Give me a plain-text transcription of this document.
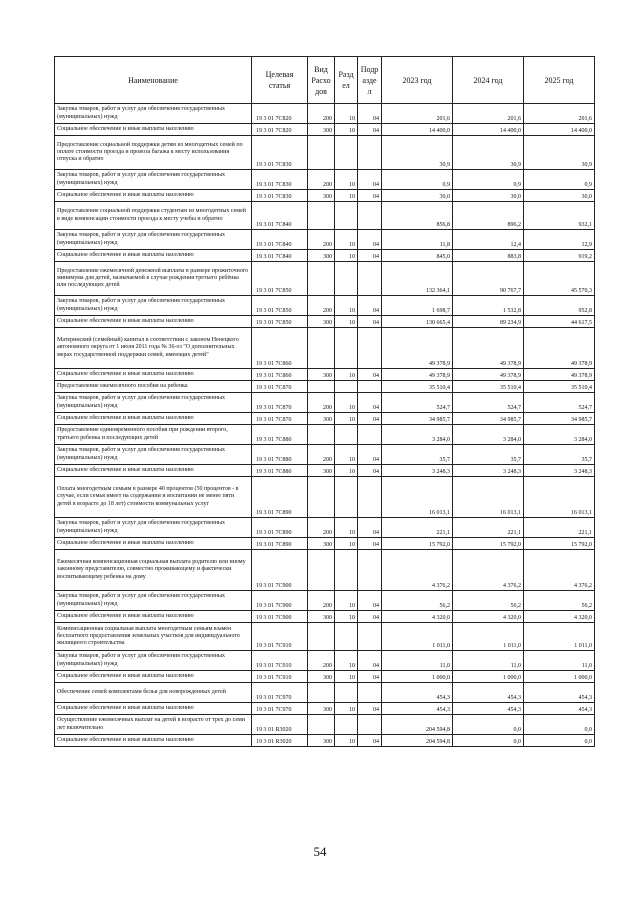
Наименование	Целевая статья	Вид Расхо дов	Разд ел	Подр азде л	2023 год	2024 год	2025 год
Закупка товаров, работ и услуг для обеспечения государственных (муниципальных) нужд	19 3 01 7С820	200	10	04	201,6	201,6	201,6
Социальное обеспечение и иные выплаты населению	19 3 01 7С820	300	10	04	14 400,0	14 400,0	14 400,0
Предоставление социальной поддержки детям из многодетных семей по оплате стоимости проезда и провоза багажа к месту использования отпуска и обратно	19 3 01 7С830				30,9	30,9	30,9
Закупка товаров, работ и услуг для обеспечения государственных (муниципальных) нужд	19 3 01 7С830	200	10	04	0,9	0,9	0,9
Социальное обеспечение и иные выплаты населению	19 3 01 7С830	300	10	04	30,0	30,0	30,0
Предоставление социальной поддержки студентам из многодетных семей в виде компенсации стоимости проезда к месту учебы и обратно	19 3 01 7С840				856,8	896,2	932,1
Закупка товаров, работ и услуг для обеспечения государственных (муниципальных) нужд	19 3 01 7С840	200	10	04	11,8	12,4	12,9
Социальное обеспечение и иные выплаты населению	19 3 01 7С840	300	10	04	845,0	883,8	919,2
Предоставление ежемесячной денежной выплаты в размере прожиточного минимума для детей, назначаемой в случае рождения третьего ребёнка или последующих детей	19 3 01 7С850				132 364,1	90 767,7	45 570,3
Закупка товаров, работ и услуг для обеспечения государственных (муниципальных) нужд	19 3 01 7С850	200	10	04	1 698,7	1 532,8	952,8
Социальное обеспечение и иные выплаты населению	19 3 01 7С850	300	10	04	130 665,4	89 234,9	44 617,5
Материнский (семейный) капитал в соответствии с законом Ненецкого автономного округа от 1 июля 2011 года № 36-оз "О дополнительных мерах государственной поддержки семей, имеющих детей"	19 3 01 7С860				49 378,9	49 378,9	49 378,9
Социальное обеспечение и иные выплаты населению	19 3 01 7С860	300	10	04	49 378,9	49 378,9	49 378,9
Предоставление ежемесячного пособия на ребенка	19 3 01 7С870				35 510,4	35 510,4	35 510,4
Закупка товаров, работ и услуг для обеспечения государственных (муниципальных) нужд	19 3 01 7С870	200	10	04	524,7	524,7	524,7
Социальное обеспечение и иные выплаты населению	19 3 01 7С870	300	10	04	34 985,7	34 985,7	34 985,7
Предоставление единовременного пособия при рождении второго, третьего ребенка и последующих детей	19 3 01 7С880				3 284,0	3 284,0	3 284,0
Закупка товаров, работ и услуг для обеспечения государственных (муниципальных) нужд	19 3 01 7С880	200	10	04	35,7	35,7	35,7
Социальное обеспечение и иные выплаты населению	19 3 01 7С880	300	10	04	3 248,3	3 248,3	3 248,3
Оплата многодетным семьям в размере 40 процентов (50 процентов - в случае, если семья имеет на содержании и воспитании не менее пяти детей в возрасте до 18 лет) стоимости коммунальных услуг	19 3 01 7С890				16 013,1	16 013,1	16 013,1
Закупка товаров, работ и услуг для обеспечения государственных (муниципальных) нужд	19 3 01 7С890	200	10	04	221,1	221,1	221,1
Социальное обеспечение и иные выплаты населению	19 3 01 7С890	300	10	04	15 792,0	15 792,0	15 792,0
Ежемесячная компенсационная социальная выплата родителю или иному законному представителю, совместно проживающему и фактически воспитывающему ребенка на дому	19 3 01 7С900				4 376,2	4 376,2	4 376,2
Закупка товаров, работ и услуг для обеспечения государственных (муниципальных) нужд	19 3 01 7С900	200	10	04	56,2	56,2	56,2
Социальное обеспечение и иные выплаты населению	19 3 01 7С900	300	10	04	4 320,0	4 320,0	4 320,0
Компенсационная социальная выплата многодетным семьям взамен бесплатного предоставления земельных участков для индивидуального жилищного строительства	19 3 01 7С910				1 011,0	1 011,0	1 011,0
Закупка товаров, работ и услуг для обеспечения государственных (муниципальных) нужд	19 3 01 7С910	200	10	04	11,0	11,0	11,0
Социальное обеспечение и иные выплаты населению	19 3 01 7С910	300	10	04	1 000,0	1 000,0	1 000,0
Обеспечение семей комплектами белья для новорожденных детей	19 3 01 7С970				454,3	454,3	454,3
Социальное обеспечение и иные выплаты населению	19 3 01 7С970	300	10	04	454,3	454,3	454,3
Осуществление ежемесячных выплат на детей в возрасте от трех до семи лет включительно	19 3 01 R3020				204 594,8	0,0	0,0
Социальное обеспечение и иные выплаты населению	19 3 01 R3020	300	10	04	204 594,8	0,0	0,0
54
